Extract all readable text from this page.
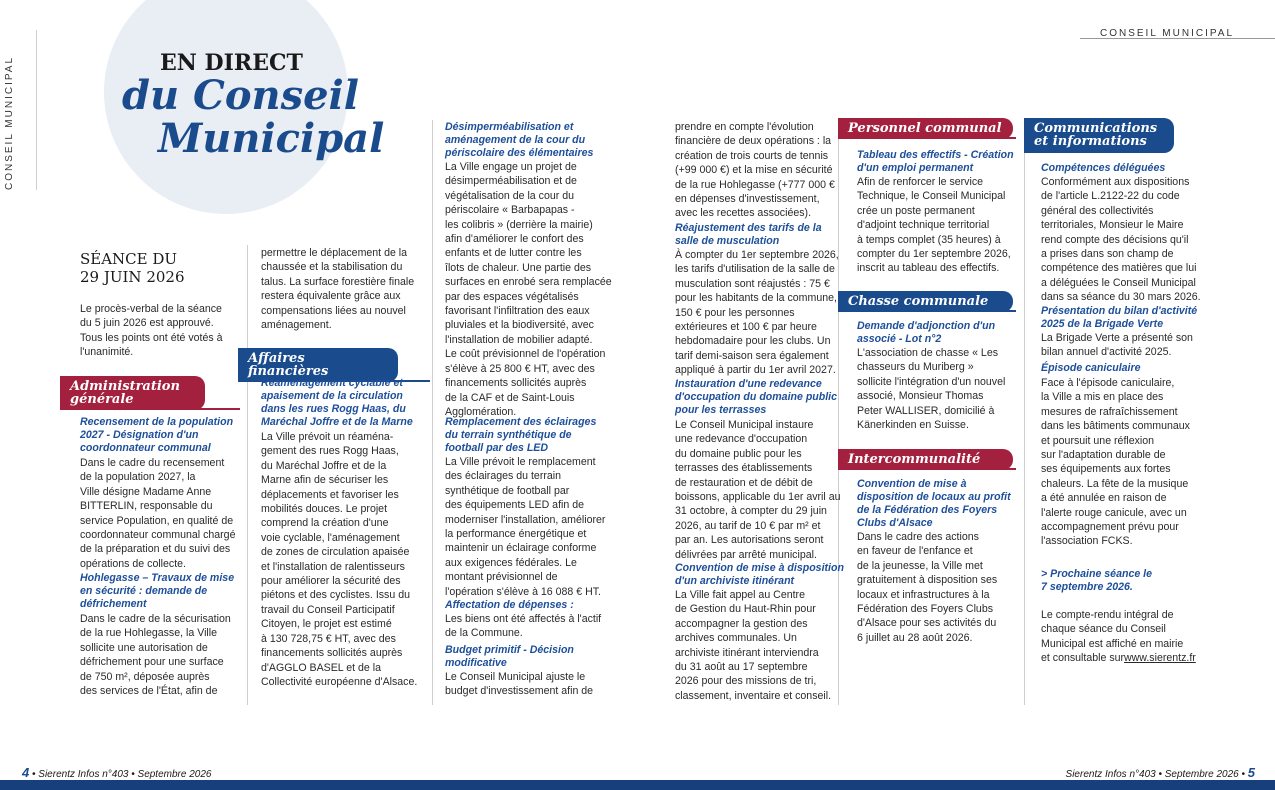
CONSEIL MUNICIPAL
CONSEIL MUNICIPAL
EN DIRECT
du Conseil
Municipal
SÉANCE DU
29 JUIN 2026
Le procès-verbal de la séance
du 5 juin 2026 est approuvé.
Tous les points ont été votés à
l'unanimité.
Administration
générale
Recensement de la population
2027 - Désignation d'un
coordonnateur communal
Dans le cadre du recensement
de la population 2027, la
Ville désigne Madame Anne
BITTERLIN, responsable du
service Population, en qualité de
coordonnateur communal chargé
de la préparation et du suivi des
opérations de collecte.
Hohlegasse – Travaux de mise
en sécurité : demande de
défrichement
Dans le cadre de la sécurisation
de la rue Hohlegasse, la Ville
sollicite une autorisation de
défrichement pour une surface
de 750 m², déposée auprès
des services de l'État, afin de
permettre le déplacement de la
chaussée et la stabilisation du
talus. La surface forestière finale
restera équivalente grâce aux
compensations liées au nouvel
aménagement.
Affaires financières
Réaménagement cyclable et
apaisement de la circulation
dans les rues Rogg Haas, du
Maréchal Joffre et de la Marne
La Ville prévoit un réaména-
gement des rues Rogg Haas,
du Maréchal Joffre et de la
Marne afin de sécuriser les
déplacements et favoriser les
mobilités douces. Le projet
comprend la création d'une
voie cyclable, l'aménagement
de zones de circulation apaisée
et l'installation de ralentisseurs
pour améliorer la sécurité des
piétons et des cyclistes. Issu du
travail du Conseil Participatif
Citoyen, le projet est estimé
à 130 728,75 € HT, avec des
financements sollicités auprès
d'AGGLO BASEL et de la
Collectivité européenne d'Alsace.
Désimperméabilisation et
aménagement de la cour du
périscolaire des élémentaires
La Ville engage un projet de
désimperméabilisation et de
végétalisation de la cour du
périscolaire « Barbapapas -
les colibris » (derrière la mairie)
afin d'améliorer le confort des
enfants et de lutter contre les
îlots de chaleur. Une partie des
surfaces en enrobé sera remplacée
par des espaces végétalisés
favorisant l'infiltration des eaux
pluviales et la biodiversité, avec
l'installation de mobilier adapté.
Le coût prévisionnel de l'opération
s'élève à 25 800 € HT, avec des
financements sollicités auprès
de la CAF et de Saint-Louis
Agglomération.
Remplacement des éclairages
du terrain synthétique de
football par des LED
La Ville prévoit le remplacement
des éclairages du terrain
synthétique de football par
des équipements LED afin de
moderniser l'installation, améliorer
la performance énergétique et
maintenir un éclairage conforme
aux exigences fédérales. Le
montant prévisionnel de
l'opération s'élève à 16 088 € HT.
Affectation de dépenses :
Les biens ont été affectés à l'actif
de la Commune.
Budget primitif - Décision
modificative
Le Conseil Municipal ajuste le
budget d'investissement afin de
prendre en compte l'évolution
financière de deux opérations : la
création de trois courts de tennis
(+99 000 €) et la mise en sécurité
de la rue Hohlegasse (+777 000 €
en dépenses d'investissement,
avec les recettes associées).
Réajustement des tarifs de la
salle de musculation
À compter du 1er septembre 2026,
les tarifs d'utilisation de la salle de
musculation sont réajustés : 75 €
pour les habitants de la commune,
150 € pour les personnes
extérieures et 100 € par heure
hebdomadaire pour les clubs. Un
tarif demi-saison sera également
appliqué à partir du 1er avril 2027.
Instauration d'une redevance
d'occupation du domaine public
pour les terrasses
Le Conseil Municipal instaure
une redevance d'occupation
du domaine public pour les
terrasses des établissements
de restauration et de débit de
boissons, applicable du 1er avril au
31 octobre, à compter du 29 juin
2026, au tarif de 10 € par m² et
par an. Les autorisations seront
délivrées par arrêté municipal.
Convention de mise à disposition
d'un archiviste itinérant
La Ville fait appel au Centre
de Gestion du Haut-Rhin pour
accompagner la gestion des
archives communales. Un
archiviste itinérant interviendra
du 31 août au 17 septembre
2026 pour des missions de tri,
classement, inventaire et conseil.
Personnel communal
Tableau des effectifs - Création
d'un emploi permanent
Afin de renforcer le service
Technique, le Conseil Municipal
crée un poste permanent
d'adjoint technique territorial
à temps complet (35 heures) à
compter du 1er septembre 2026,
inscrit au tableau des effectifs.
Chasse communale
Demande d'adjonction d'un
associé - Lot n°2
L'association de chasse « Les
chasseurs du Muriberg »
sollicite l'intégration d'un nouvel
associé, Monsieur Thomas
Peter WALLISER, domicilié à
Känerkinden en Suisse.
Intercommunalité
Convention de mise à
disposition de locaux au profit
de la Fédération des Foyers
Clubs d'Alsace
Dans le cadre des actions
en faveur de l'enfance et
de la jeunesse, la Ville met
gratuitement à disposition ses
locaux et infrastructures à la
Fédération des Foyers Clubs
d'Alsace pour ses activités du
6 juillet au 28 août 2026.
Communications
et informations
Compétences déléguées
Conformément aux dispositions
de l'article L.2122-22 du code
général des collectivités
territoriales, Monsieur le Maire
rend compte des décisions qu'il
a prises dans son champ de
compétence des matières que lui
a déléguées le Conseil Municipal
dans sa séance du 30 mars 2026.
Présentation du bilan d'activité
2025 de la Brigade Verte
La Brigade Verte a présenté son
bilan annuel d'activité 2025.
Épisode caniculaire
Face à l'épisode caniculaire,
la Ville a mis en place des
mesures de rafraîchissement
dans les bâtiments communaux
et poursuit une réflexion
sur l'adaptation durable de
ses équipements aux fortes
chaleurs. La fête de la musique
a été annulée en raison de
l'alerte rouge canicule, avec un
accompagnement prévu pour
l'association FCKS.
> Prochaine séance le
7 septembre 2026.
Le compte-rendu intégral de
chaque séance du Conseil
Municipal est affiché en mairie
et consultable sur www.sierentz.fr
4 • Sierentz Infos n°403 • Septembre 2026	Sierentz Infos n°403 • Septembre 2026 • 5
